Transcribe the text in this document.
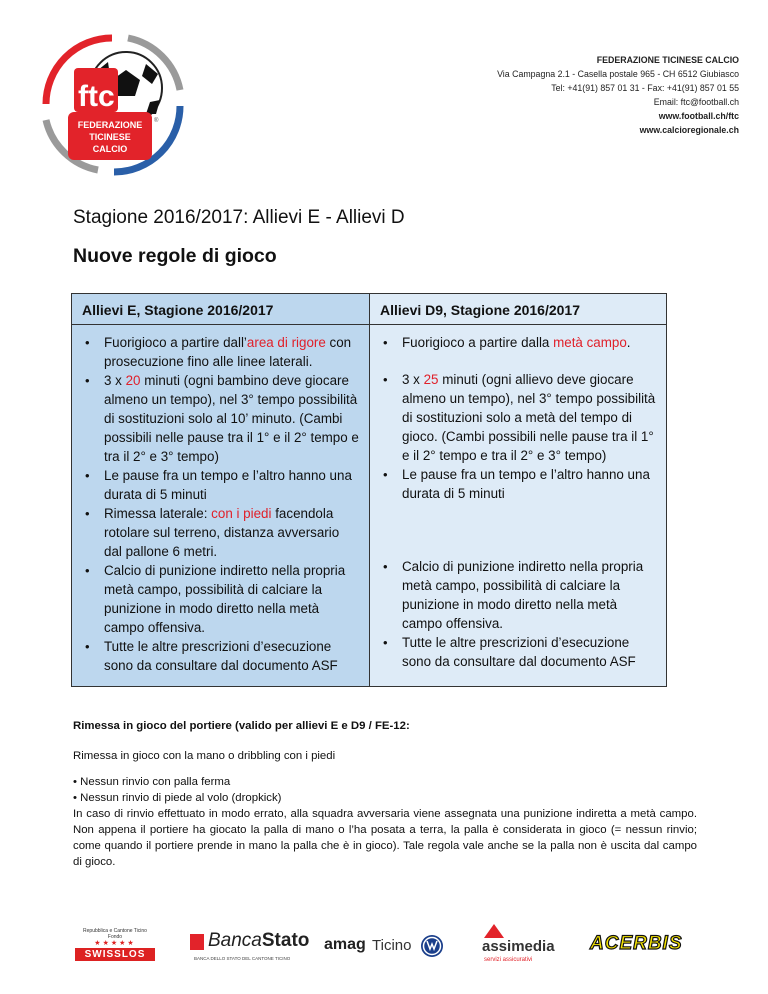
ftc
FEDERAZIONE
TICINESE
CALCIO
®
FEDERAZIONE TICINESE CALCIO
Via Campagna 2.1 - Casella postale 965 - CH 6512 Giubiasco
Tel: +41(91) 857 01 31 - Fax: +41(91) 857 01 55
Email: ftc@football.ch
www.football.ch/ftc
www.calcioregionale.ch
Stagione 2016/2017: Allievi E - Allievi D
Nuove regole di gioco
Allievi E, Stagione 2016/2017
• Fuorigioco a partire dall’area di rigore con prosecuzione fino alle linee laterali.
• 3 x 20 minuti (ogni bambino deve giocare almeno un tempo), nel 3° tempo possibilità di sostituzioni solo al 10’ minuto. (Cambi possibili nelle pause tra il 1° e il 2° tempo e tra il 2° e 3° tempo)
• Le pause fra un tempo e l’altro hanno una durata di 5 minuti
• Rimessa laterale: con i piedi facendola rotolare sul terreno, distanza avversario dal pallone 6 metri.
• Calcio di punizione indiretto nella propria metà campo, possibilità di calciare la punizione in modo diretto nella metà campo offensiva.
• Tutte le altre prescrizioni d’esecuzione sono da consultare dal documento ASF
Allievi D9, Stagione 2016/2017
• Fuorigioco a partire dalla metà campo.
• 3 x 25 minuti (ogni allievo deve giocare almeno un tempo), nel 3° tempo possibilità di sostituzioni solo a metà del tempo di gioco. (Cambi possibili nelle pause tra il 1° e il 2° tempo e tra il 2° e 3° tempo)
• Le pause fra un tempo e l’altro hanno una durata di 5 minuti
• Calcio di punizione indiretto nella propria metà campo, possibilità di calciare la punizione in modo diretto nella metà campo offensiva.
• Tutte le altre prescrizioni d’esecuzione sono da consultare dal documento ASF
Rimessa in gioco del portiere (valido per allievi E e D9 / FE-12:
Rimessa in gioco con la mano o dribbling con i piedi

• Nessun rinvio con palla ferma

• Nessun rinvio di piede al volo (dropkick)

In caso di rinvio effettuato in modo errato, alla squadra avversaria viene assegnata una punizione indiretta a metà campo. Non appena il portiere ha giocato la palla di mano o l’ha posata a terra, la palla è considerata in gioco (= nessun rinvio; come quando il portiere prende in mano la palla che è in gioco). Tale regola vale anche se la palla non è uscita dal campo di gioco.

Repubblica e Cantone Ticino
Fondo
★★★★★
SWISSLOS
BancaStato
BANCA DELLO STATO DEL CANTONE TICINO
amag Ticino	assimedia
servizi assicurativi
ACERBIS
